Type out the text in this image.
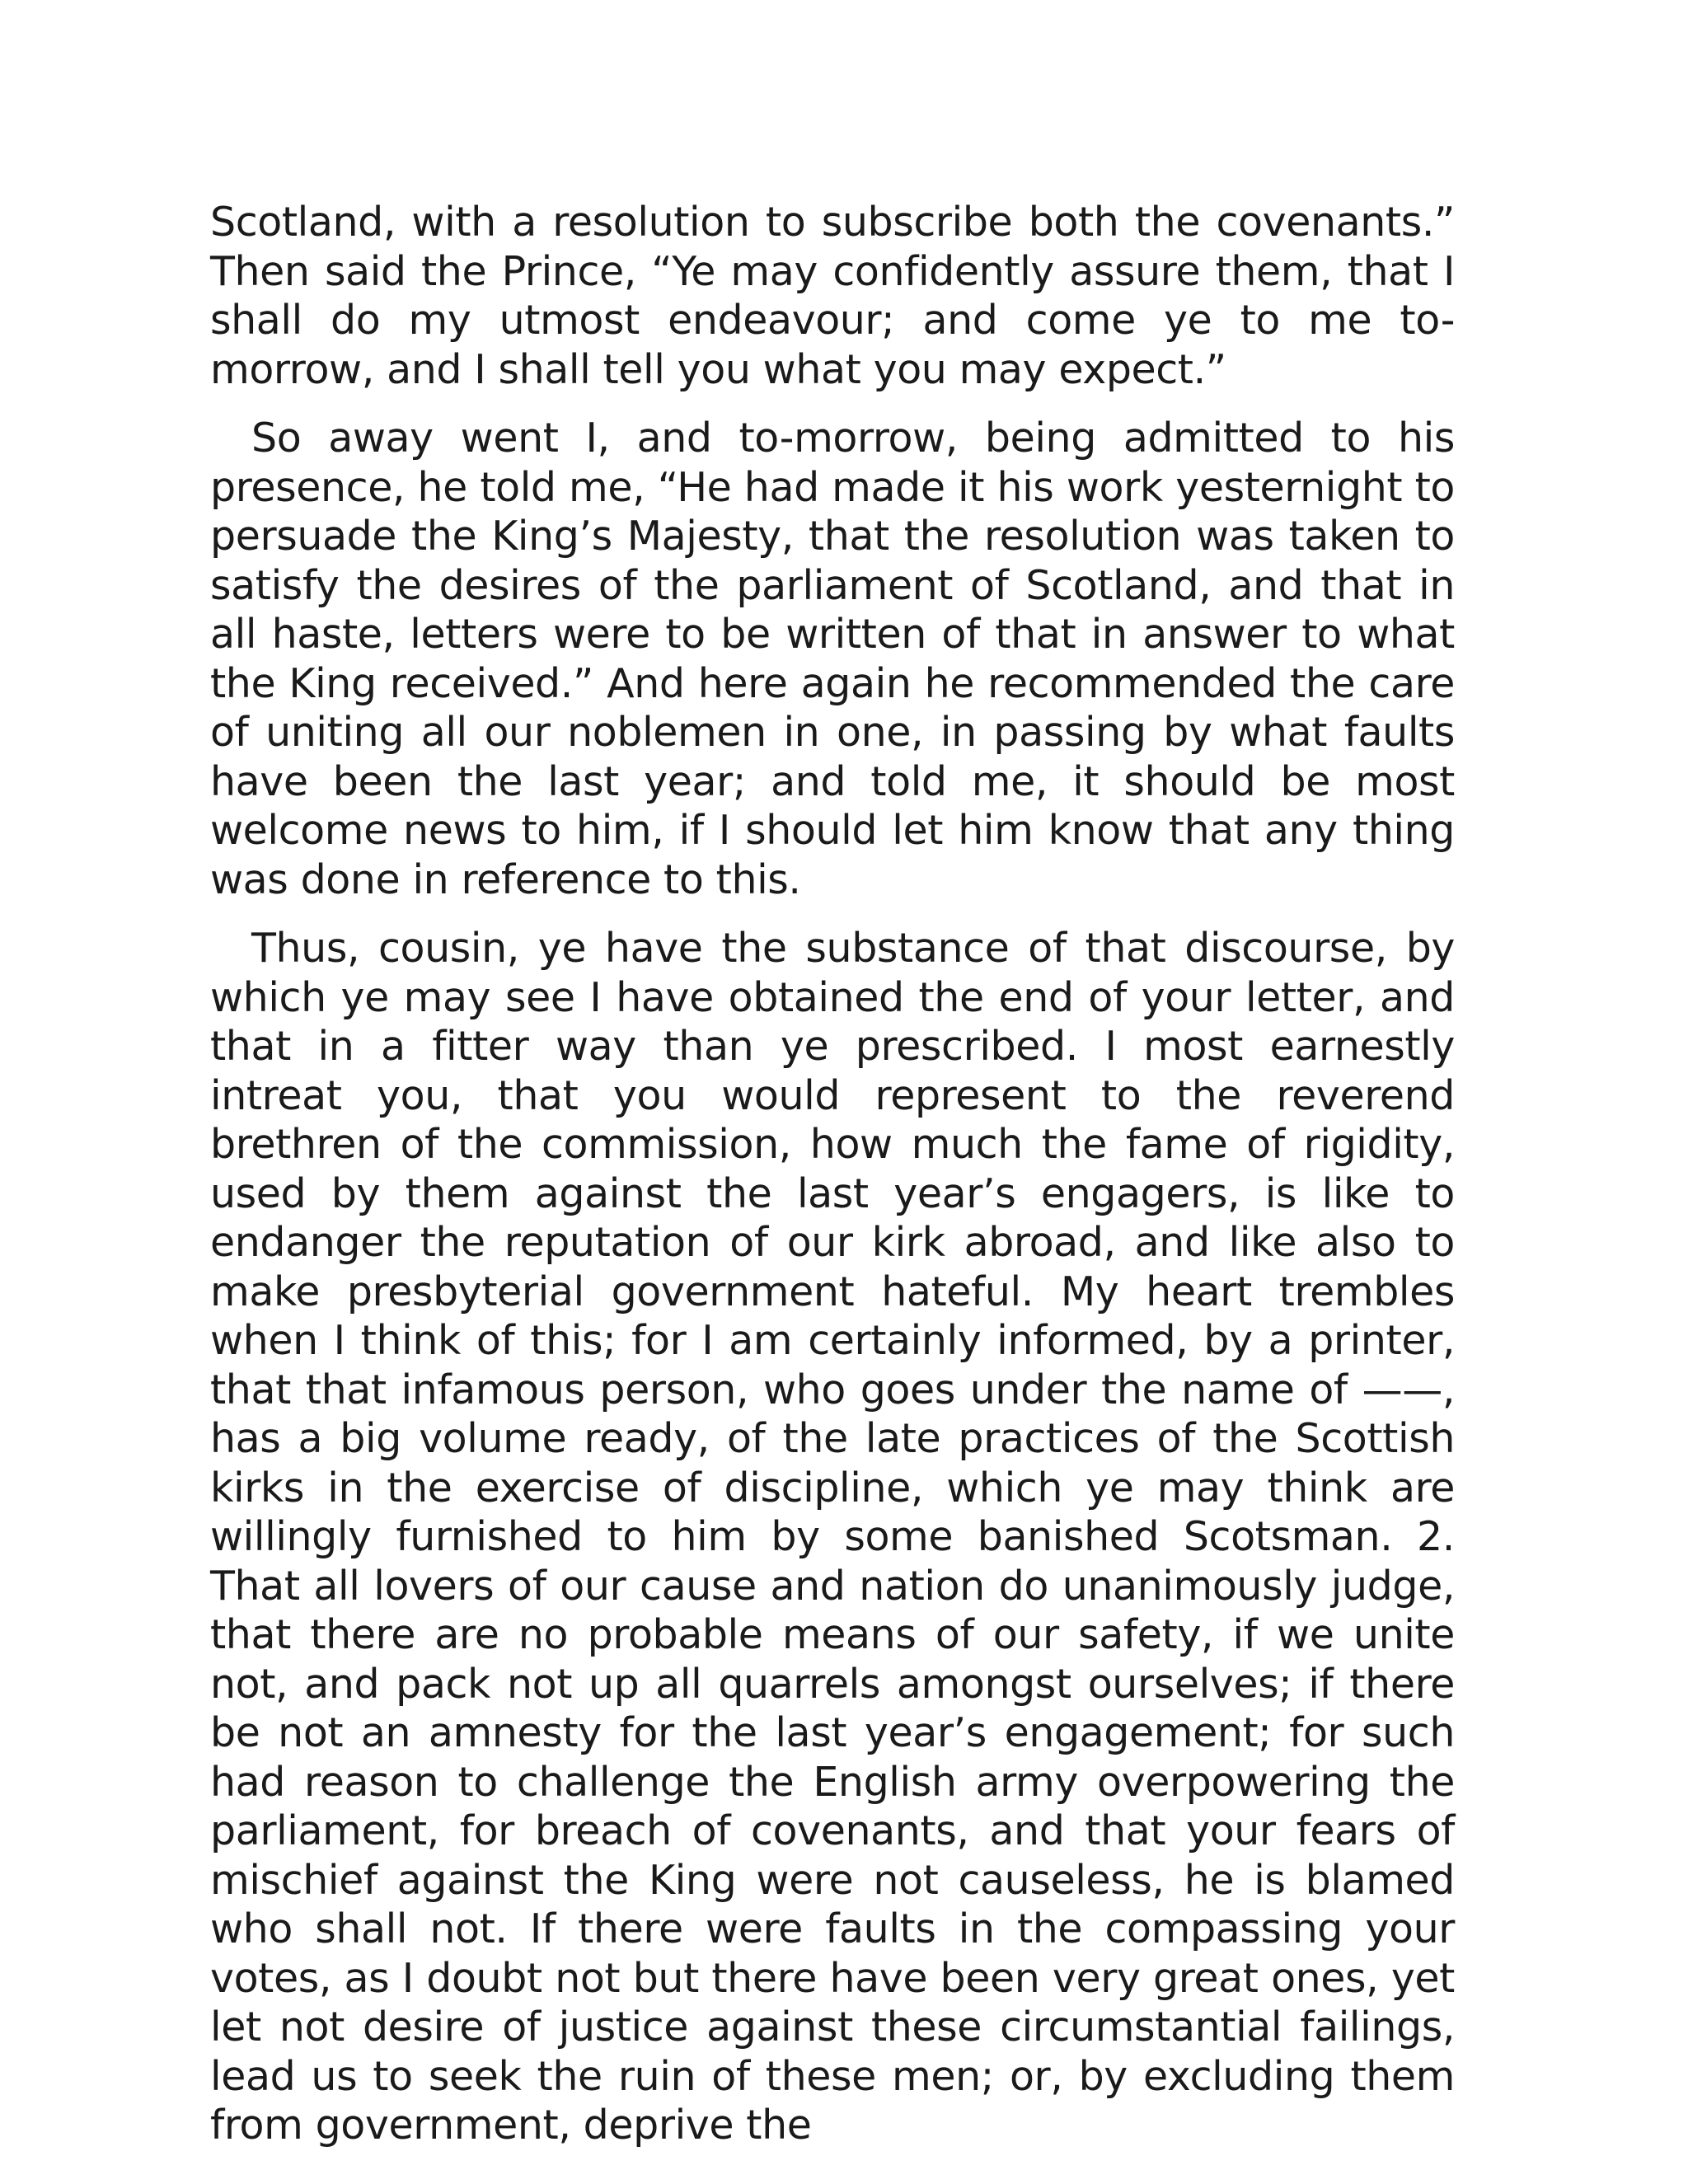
Scotland, with a resolution to subscribe both the covenants.” Then said the Prince, “Ye may confidently assure them, that I shall do my utmost endeavour; and come ye to me to-morrow, and I shall tell you what you may expect.”

So away went I, and to-morrow, being admitted to his presence, he told me, “He had made it his work yesternight to persuade the King’s Majesty, that the resolution was taken to satisfy the desires of the parliament of Scotland, and that in all haste, letters were to be written of that in answer to what the King received.” And here again he recommended the care of uniting all our noblemen in one, in passing by what faults have been the last year; and told me, it should be most welcome news to him, if I should let him know that any thing was done in reference to this.

Thus, cousin, ye have the substance of that discourse, by which ye may see I have obtained the end of your letter, and that in a fitter way than ye prescribed. I most earnestly intreat you, that you would represent to the reverend brethren of the commission, how much the fame of rigidity, used by them against the last year’s engagers, is like to endanger the reputation of our kirk abroad, and like also to make presbyterial government hateful. My heart trembles when I think of this; for I am certainly informed, by a printer, that that infamous person, who goes under the name of ——, has a big volume ready, of the late practices of the Scottish kirks in the exercise of discipline, which ye may think are willingly furnished to him by some banished Scotsman. 2. That all lovers of our cause and nation do unanimously judge, that there are no probable means of our safety, if we unite not, and pack not up all quarrels amongst ourselves; if there be not an amnesty for the last year’s engagement; for such had reason to challenge the English army overpowering the parliament, for breach of covenants, and that your fears of mischief against the King were not causeless, he is blamed who shall not. If there were faults in the compassing your votes, as I doubt not but there have been very great ones, yet let not desire of justice against these circumstantial failings, lead us to seek the ruin of these men; or, by excluding them from government, deprive the
